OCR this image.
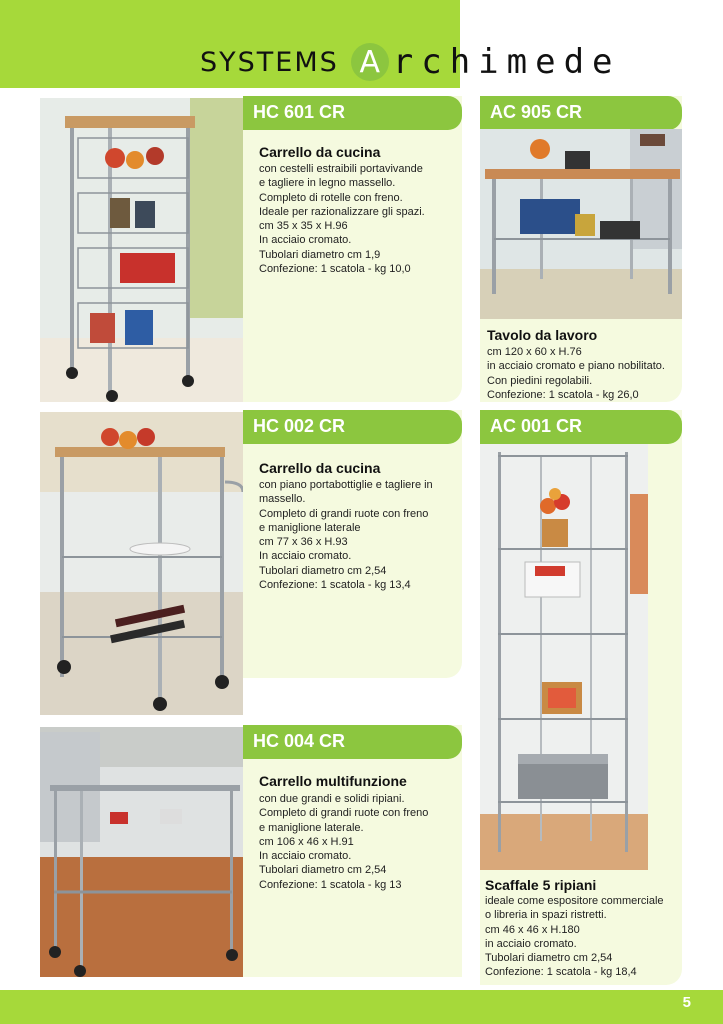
SYSTEMS A rchimede
HC 601 CR
Carrello da cucina
con cestelli estraibili portavivande
e tagliere in legno massello.
Completo di rotelle con freno.
Ideale per razionalizzare gli spazi.
cm 35 x 35 x H.96
In acciaio cromato.
Tubolari diametro cm 1,9
Confezione: 1 scatola - kg 10,0
AC 905 CR
Tavolo da lavoro
cm 120 x 60 x H.76
in acciaio cromato e piano nobilitato.
Con piedini regolabili.
Confezione: 1 scatola - kg 26,0
HC 002 CR
Carrello da cucina
con piano portabottiglie e tagliere in
massello.
Completo di grandi ruote con freno
e maniglione laterale
cm 77 x 36 x H.93
In acciaio cromato.
Tubolari diametro cm 2,54
Confezione: 1 scatola - kg 13,4
AC 001 CR
Scaffale 5 ripiani
ideale come espositore commerciale
o libreria in spazi ristretti.
cm 46 x 46 x H.180
in acciaio cromato.
Tubolari diametro cm 2,54
Confezione: 1 scatola - kg 18,4
HC 004 CR
Carrello multifunzione
con due grandi e solidi ripiani.
Completo di grandi ruote con freno
e maniglione laterale.
cm 106 x 46 x H.91
In acciaio cromato.
Tubolari diametro cm 2,54
Confezione: 1 scatola - kg 13
5
